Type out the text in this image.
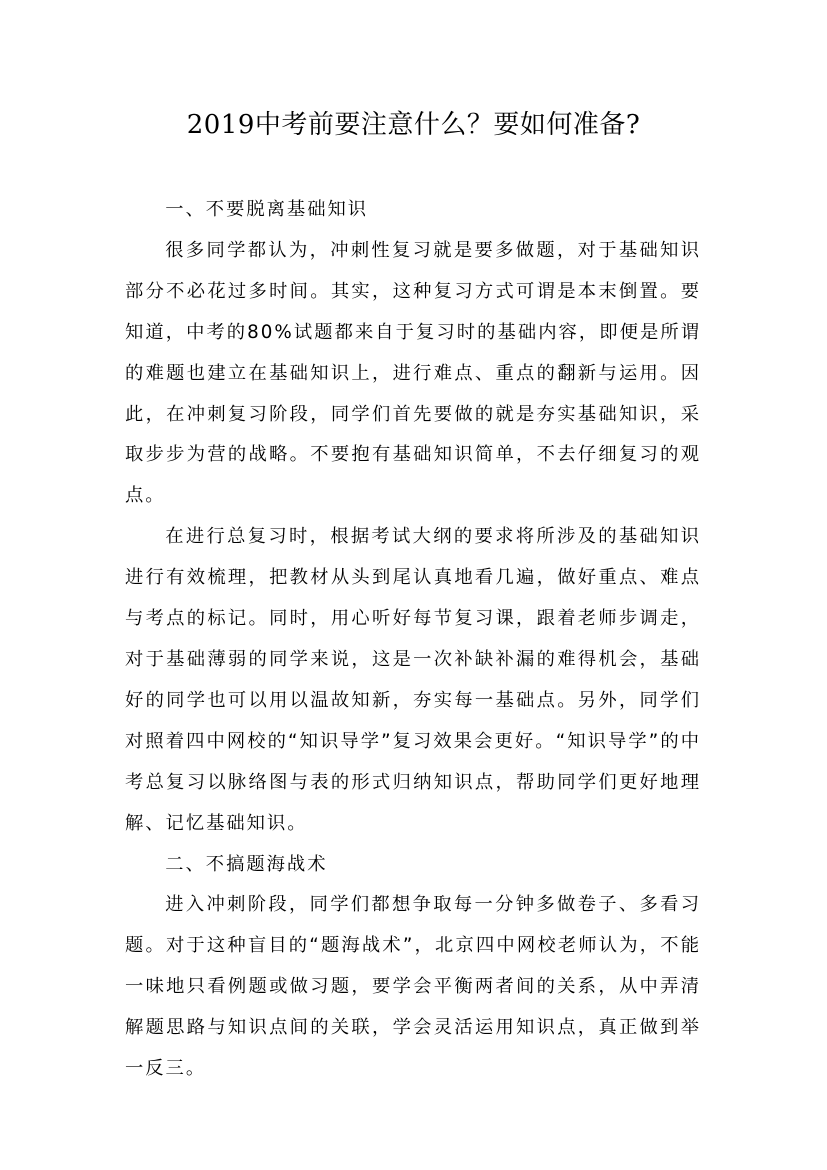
2019中考前要注意什么？要如何准备?

一、不要脱离基础知识

很多同学都认为，冲刺性复习就是要多做题，对于基础知识部分不必花过多时间。其实，这种复习方式可谓是本末倒置。要知道，中考的80%试题都来自于复习时的基础内容，即便是所谓的难题也建立在基础知识上，进行难点、重点的翻新与运用。因此，在冲刺复习阶段，同学们首先要做的就是夯实基础知识，采取步步为营的战略。不要抱有基础知识简单，不去仔细复习的观点。

在进行总复习时，根据考试大纲的要求将所涉及的基础知识进行有效梳理，把教材从头到尾认真地看几遍，做好重点、难点与考点的标记。同时，用心听好每节复习课，跟着老师步调走，对于基础薄弱的同学来说，这是一次补缺补漏的难得机会，基础好的同学也可以用以温故知新，夯实每一基础点。另外，同学们对照着四中网校的“知识导学”复习效果会更好。“知识导学”的中考总复习以脉络图与表的形式归纳知识点，帮助同学们更好地理解、记忆基础知识。

二、不搞题海战术

进入冲刺阶段，同学们都想争取每一分钟多做卷子、多看习题。对于这种盲目的“题海战术”，北京四中网校老师认为，不能一味地只看例题或做习题，要学会平衡两者间的关系，从中弄清解题思路与知识点间的关联，学会灵活运用知识点，真正做到举一反三。
